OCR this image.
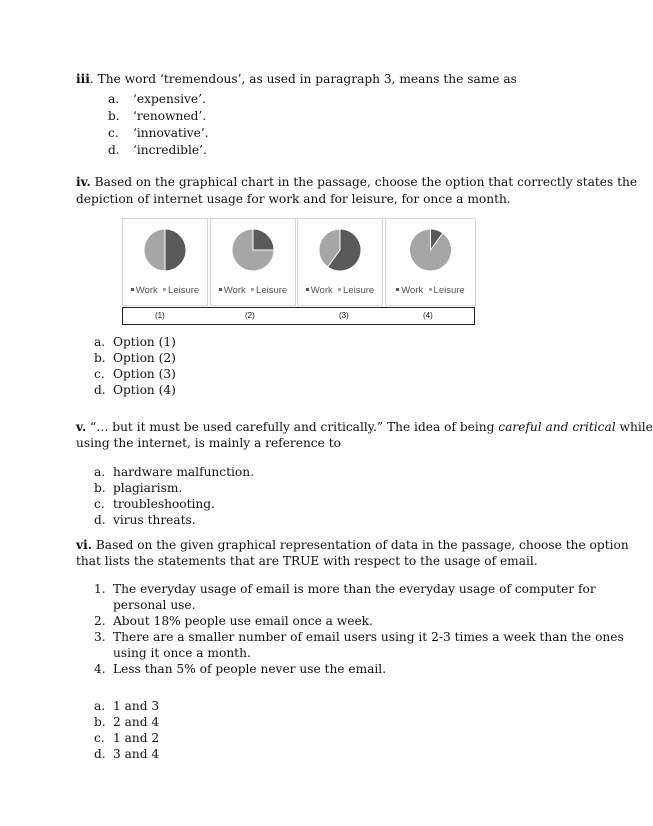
iii. The word ‘tremendous’, as used in paragraph 3, means the same as
a. ‘expensive’.
b. ‘renowned’.
c. ‘innovative’.
d. ‘incredible’.
iv. Based on the graphical chart in the passage, choose the option that correctly states the
depiction of internet usage for work and for leisure, for once a month.
Work Leisure	Work Leisure	Work Leisure	Work Leisure
(1)	(2)	(3)	(4)
a. Option (1)
b. Option (2)
c. Option (3)
d. Option (4)
v. “… but it must be used carefully and critically.” The idea of being careful and critical while
using the internet, is mainly a reference to
a. hardware malfunction.
b. plagiarism.
c. troubleshooting.
d. virus threats.
vi. Based on the given graphical representation of data in the passage, choose the option
that lists the statements that are TRUE with respect to the usage of email.
1. The everyday usage of email is more than the everyday usage of computer for
personal use.
2. About 18% people use email once a week.
3. There are a smaller number of email users using it 2-3 times a week than the ones
using it once a month.
4. Less than 5% of people never use the email.
a. 1 and 3
b. 2 and 4
c. 1 and 2
d. 3 and 4
